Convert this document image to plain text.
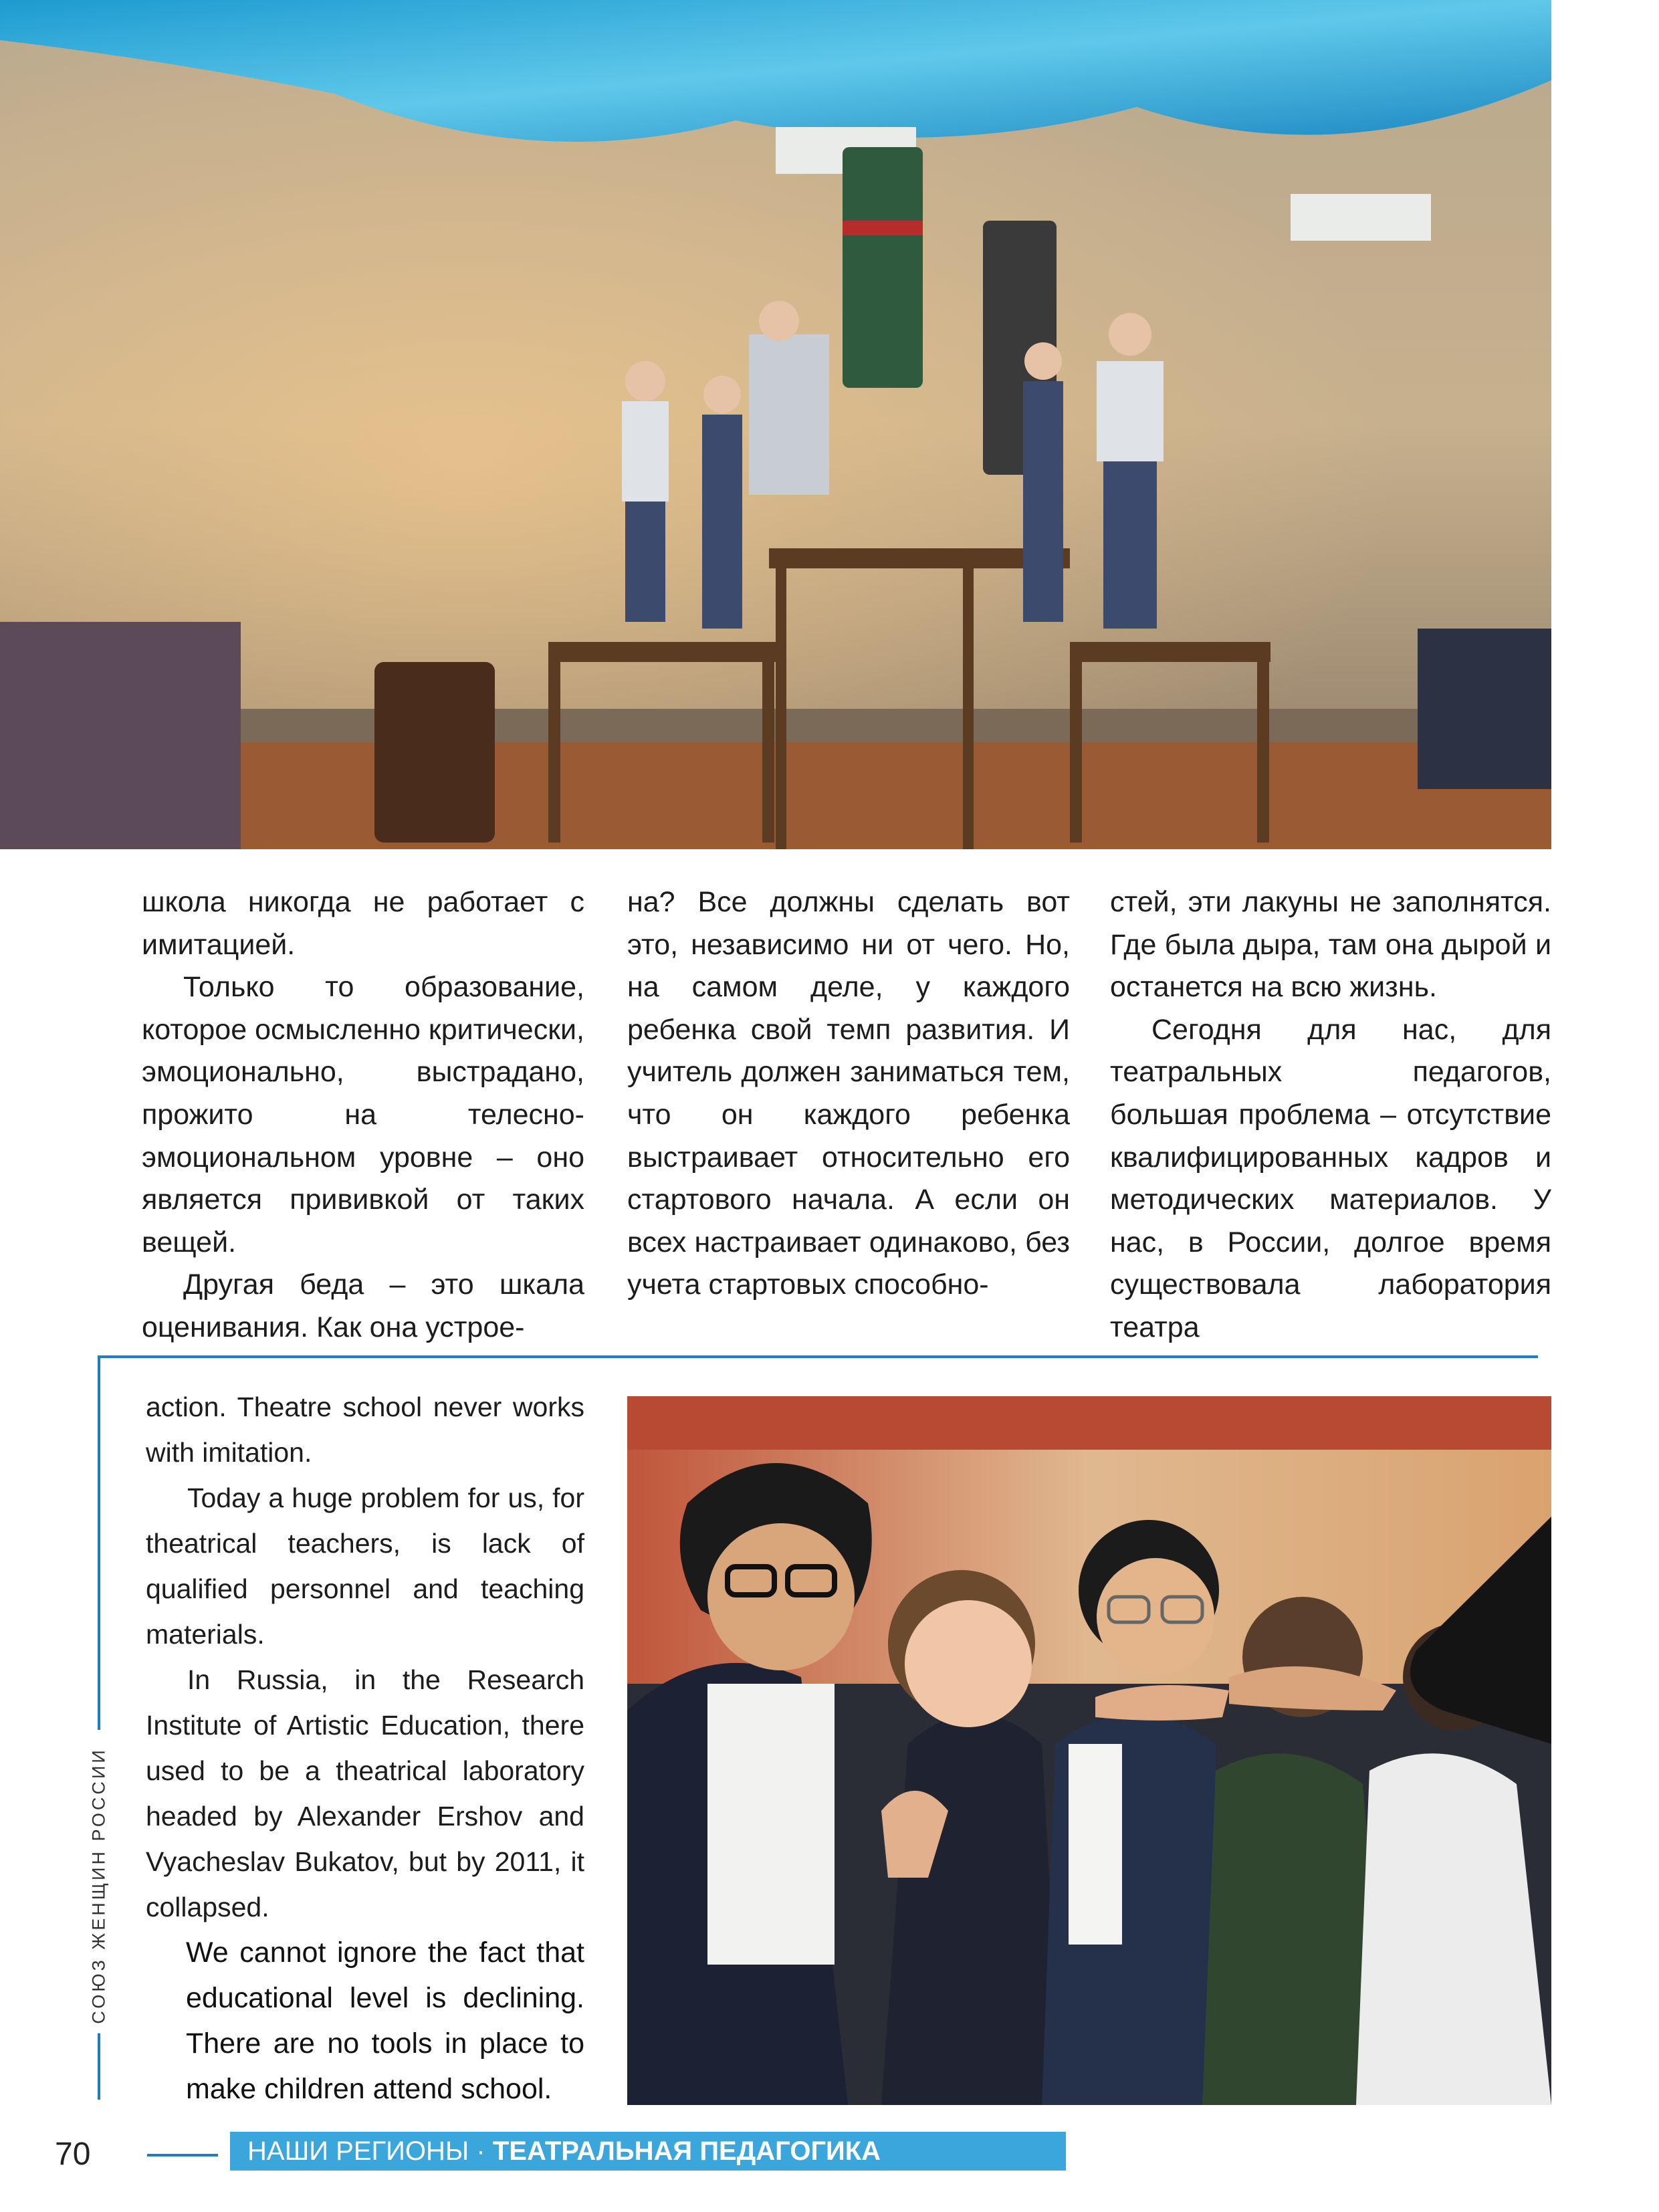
школа никогда не работает с имитацией.

Только то образование, которое осмысленно критически, эмоционально, выстрадано, прожито на телесно-эмоциональном уровне – оно является прививкой от таких вещей.

Другая беда – это шкала оценивания. Как она устрое-

на? Все должны сделать вот это, независимо ни от чего. Но, на самом деле, у каждого ребенка свой темп развития. И учитель должен заниматься тем, что он каждого ребенка выстраивает относительно его стартового начала. А если он всех настраивает одинаково, без учета стартовых способно-

стей, эти лакуны не заполнятся. Где была дыра, там она дырой и останется на всю жизнь.

Сегодня для нас, для театральных педагогов, большая проблема – отсутствие квалифицированных кадров и методических материалов. У нас, в России, долгое время существовала лаборатория театра

action. Theatre school never works with imitation.

Today a huge problem for us, for theatrical teachers, is lack of qualified personnel and teaching materials.

In Russia, in the Research Institute of Artistic Education, there used to be a theatrical laboratory headed by Alexander Ershov and Vyacheslav Bukatov, but by 2011, it collapsed.

We cannot ignore the fact that educational level is declining. There are no tools in place to make children attend school.

СОЮЗ ЖЕНЩИН РОССИИ
70	НАШИ РЕГИОНЫ · ТЕАТРАЛЬНАЯ ПЕДАГОГИКА
